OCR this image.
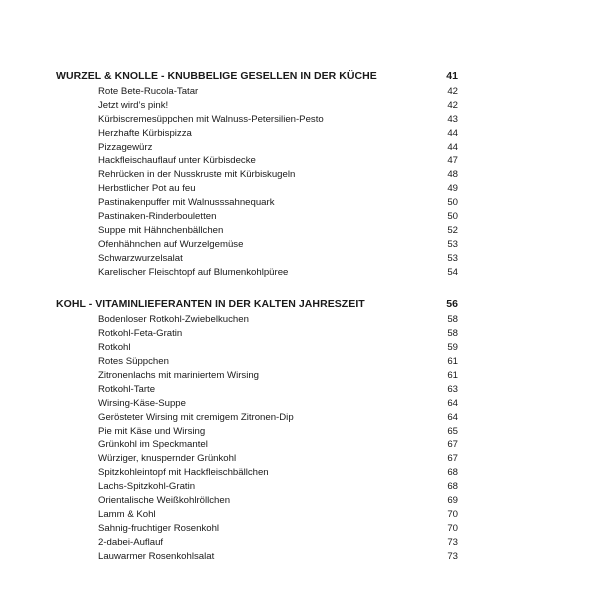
WURZEL & KNOLLE - KNUBBELIGE GESELLEN IN DER KÜCHE	41
Rote Bete-Rucola-Tatar	42
Jetzt wird’s pink!	42
Kürbiscremesüppchen mit Walnuss-Petersilien-Pesto	43
Herzhafte Kürbispizza	44
Pizzagewürz	44
Hackfleischauflauf unter Kürbisdecke	47
Rehrücken in der Nusskruste mit Kürbiskugeln	48
Herbstlicher Pot au feu	49
Pastinakenpuffer mit Walnusssahnequark	50
Pastinaken-Rinderbouletten	50
Suppe mit Hähnchenbällchen	52
Ofenhähnchen auf Wurzelgemüse	53
Schwarzwurzelsalat	53
Karelischer Fleischtopf auf Blumenkohlpüree	54
KOHL - VITAMINLIEFERANTEN IN DER KALTEN JAHRESZEIT	56
Bodenloser Rotkohl-Zwiebelkuchen	58
Rotkohl-Feta-Gratin	58
Rotkohl	59
Rotes Süppchen	61
Zitronenlachs mit mariniertem Wirsing	61
Rotkohl-Tarte	63
Wirsing-Käse-Suppe	64
Gerösteter Wirsing mit cremigem Zitronen-Dip	64
Pie mit Käse und Wirsing	65
Grünkohl im Speckmantel	67
Würziger, knuspernder Grünkohl	67
Spitzkohleintopf mit Hackfleischbällchen	68
Lachs-Spitzkohl-Gratin	68
Orientalische Weißkohlröllchen	69
Lamm & Kohl	70
Sahnig-fruchtiger Rosenkohl	70
2-dabei-Auflauf	73
Lauwarmer Rosenkohlsalat	73
